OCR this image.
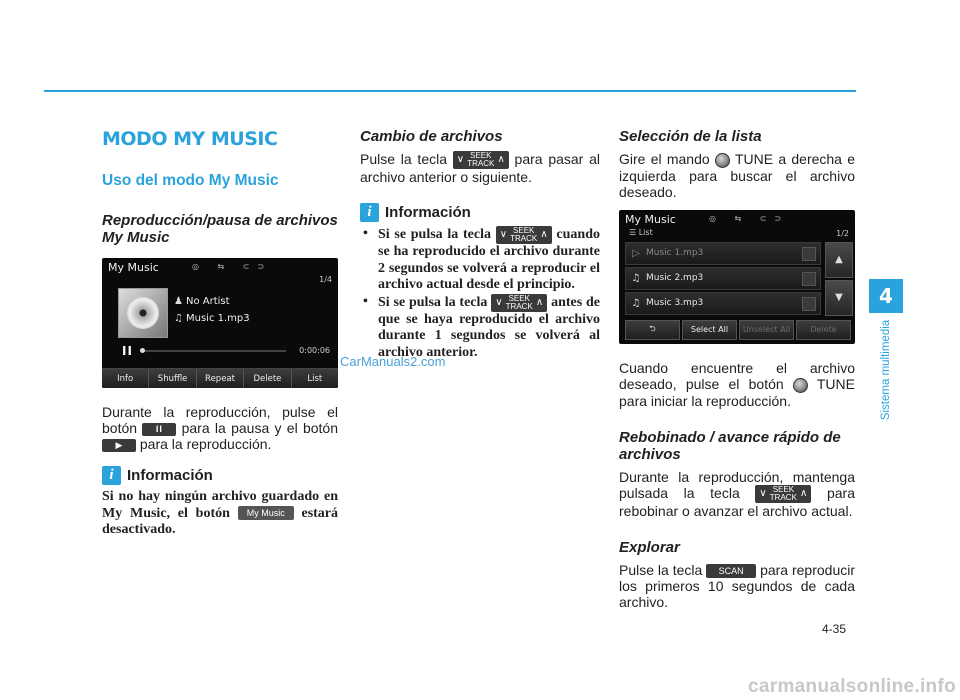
MODO MY MUSIC
Uso del modo My Music
Reproducción/pausa de archivos My Music
My Music	◎ ⇆ ⊂⊃
1/4
♟ No Artist
♫ Music 1.mp3
II	0:00:06
Info	Shuffle	Repeat	Delete	List

Durante la reproducción, pulse el botón II para la pausa y el botón ▶ para la reproducción.

i Información

Si no hay ningún archivo guardado en My Music, el botón My Music estará desactivado.

Cambio de archivos

Pulse la tecla ∨ SEEK
TRACK ∧ para pasar al archivo anterior o siguiente.

i Información
• Si se pulsa la tecla ∨ SEEK
TRACK ∧ cuando se ha reproducido el archivo durante 2 segundos se volverá a reproducir el archivo actual desde el principio.
• Si se pulsa la tecla ∨ SEEK
TRACK ∧ antes de que se haya reproducido el archivo durante 1 segundos se volverá al archivo anterior.
Selección de la lista

Gire el mando TUNE a derecha e izquierda para buscar el archivo deseado.

My Music	◎ ⇆ ⊂⊃
☰ List	1/2
▷ Music 1.mp3
♫ Music 2.mp3
♫ Music 3.mp3
▲
▼
⮌	Select All	Unselect All	Delete

Cuando encuentre el archivo deseado, pulse el botón TUNE para iniciar la reproducción.

Rebobinado / avance rápido de archivos

Durante la reproducción, mantenga pulsada la tecla ∨ SEEK
TRACK ∧ para rebobinar o avanzar el archivo actual.

Explorar

Pulse la tecla SCAN para reproducir los primeros 10 segundos de cada archivo.

CarManuals2.com
4
Sistema multimedia
4-35
carmanualsonline.info
